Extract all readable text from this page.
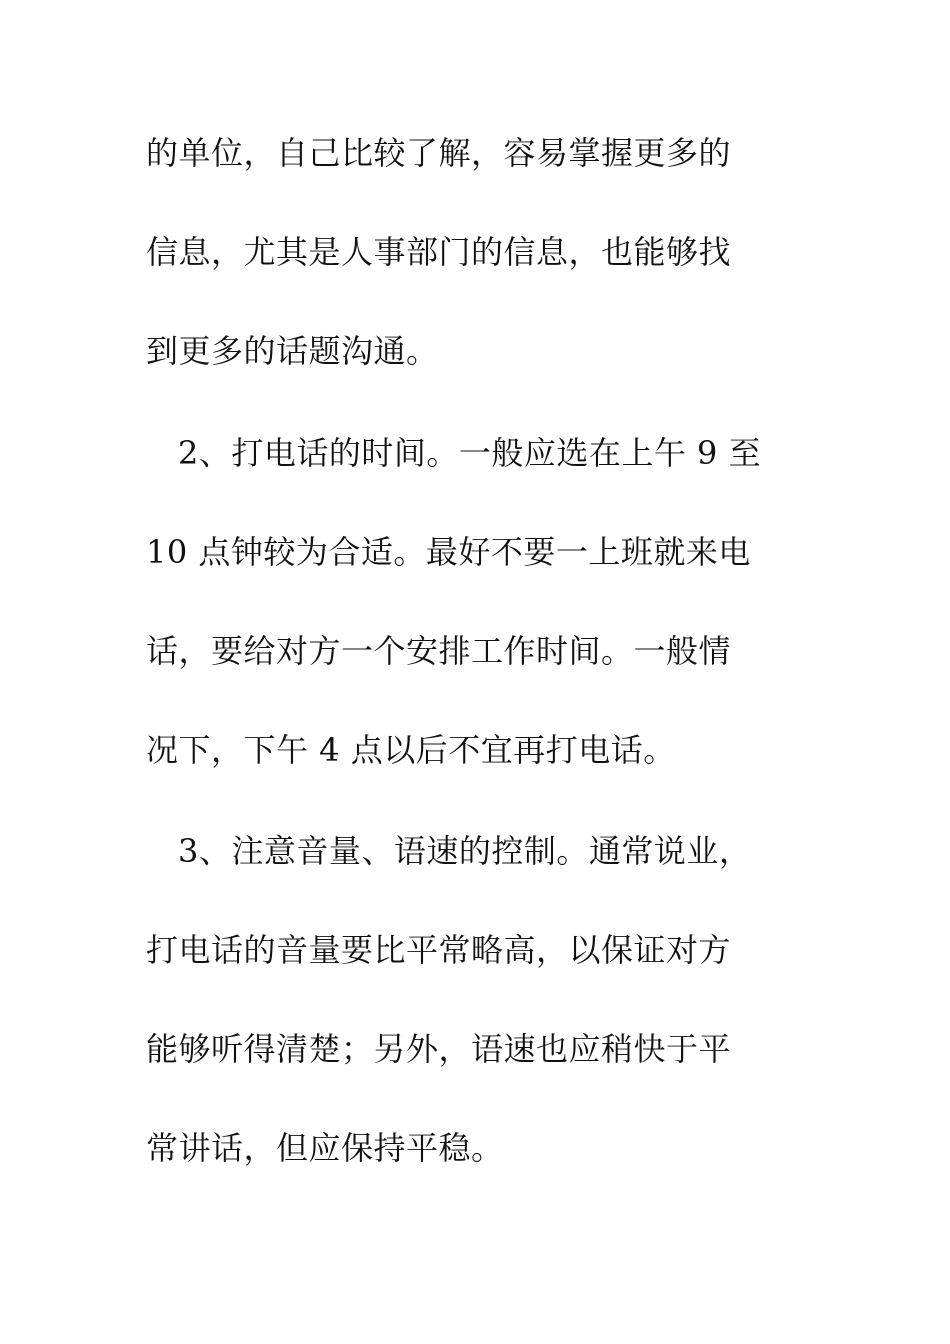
的单位，自己比较了解，容易掌握更多的
信息，尤其是人事部门的信息，也能够找
到更多的话题沟通。
2、打电话的时间。一般应选在上午 9 至
10 点钟较为合适。最好不要一上班就来电
话，要给对方一个安排工作时间。一般情
况下，下午 4 点以后不宜再打电话。
3、注意音量、语速的控制。通常说业，
打电话的音量要比平常略高，以保证对方
能够听得清楚；另外，语速也应稍快于平
常讲话，但应保持平稳。
